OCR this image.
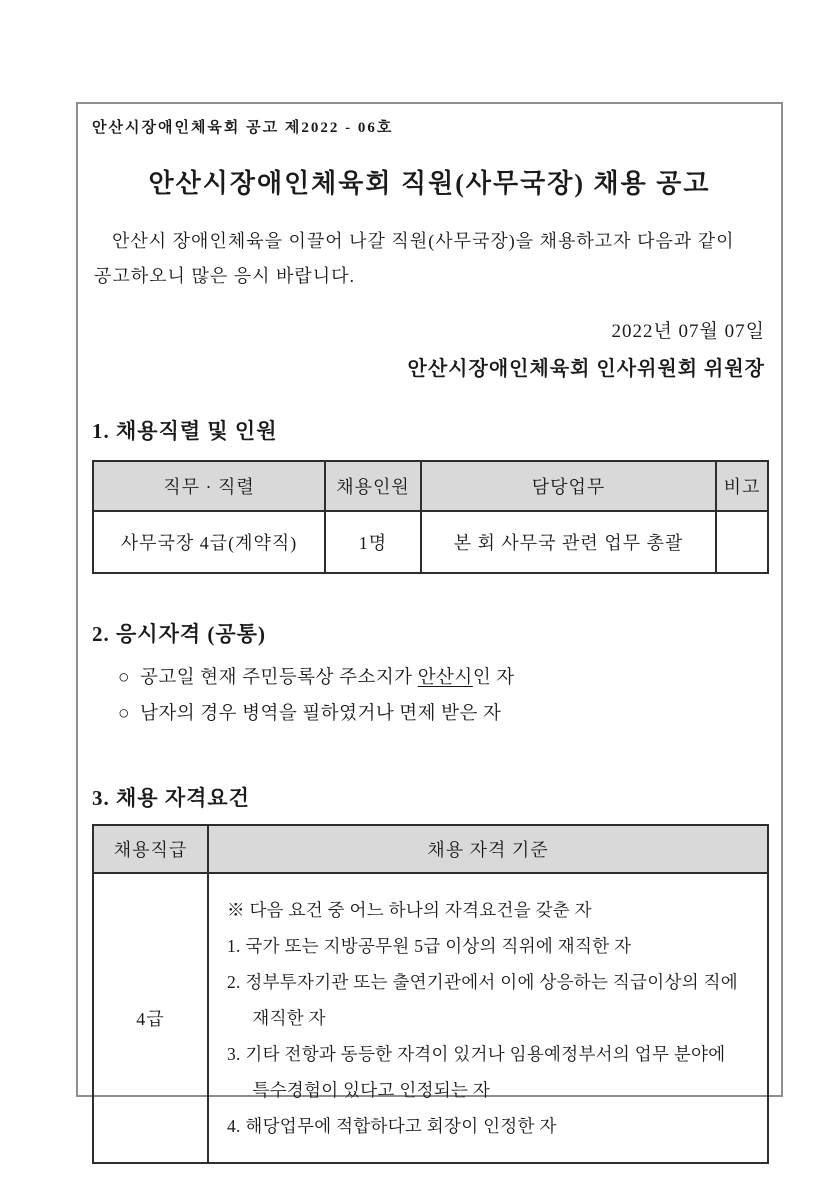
안산시장애인체육회 공고 제2022 - 06호
안산시장애인체육회 직원(사무국장) 채용 공고

안산시 장애인체육을 이끌어 나갈 직원(사무국장)을 채용하고자 다음과 같이 공고하오니 많은 응시 바랍니다.

2022년 07월 07일
안산시장애인체육회 인사위원회 위원장
1. 채용직렬 및 인원
직무 · 직렬	채용인원	담당업무	비고
사무국장 4급(계약직)	1명	본 회 사무국 관련 업무 총괄	
2. 응시자격 (공통)
○ 공고일 현재 주민등록상 주소지가 안산시인 자
○ 남자의 경우 병역을 필하였거나 면제 받은 자
3. 채용 자격요건
채용직급	채용 자격 기준
4급	※ 다음 요건 중 어느 하나의 자격요건을 갖춘 자
1. 국가 또는 지방공무원 5급 이상의 직위에 재직한 자
2. 정부투자기관 또는 출연기관에서 이에 상응하는 직급이상의 직에 재직한 자
3. 기타 전항과 동등한 자격이 있거나 임용예정부서의 업무 분야에 특수경험이 있다고 인정되는 자
4. 해당업무에 적합하다고 회장이 인정한 자
